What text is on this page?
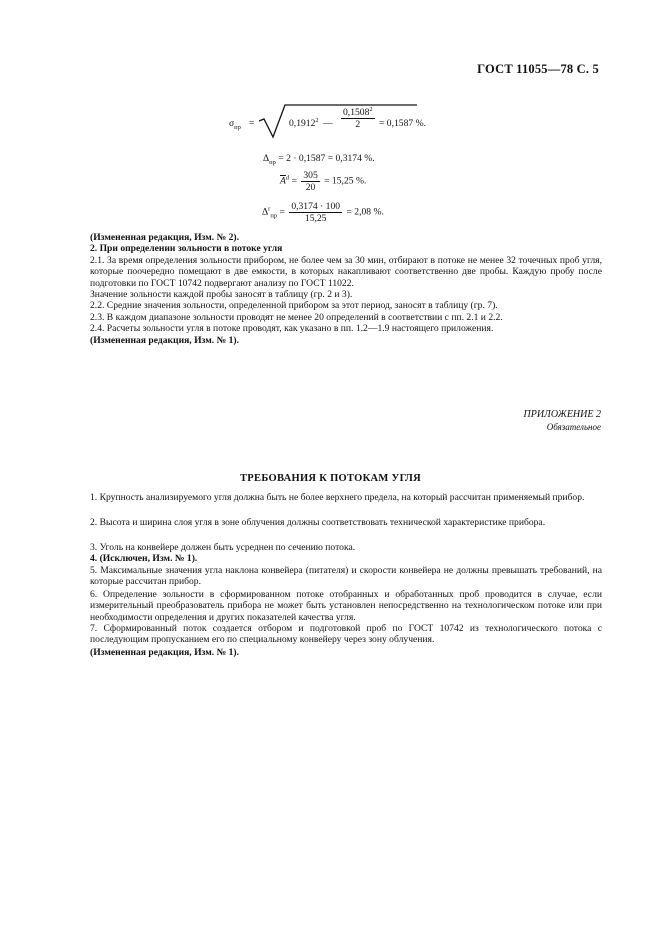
ГОСТ 11055—78 С. 5
$\sigma_{пр}$ =	$0,1912^2$ — $\frac{0,1508^2}{2} = 0,1587$ %.
$\Delta_{пр} = 2 \cdot 0,1587 = 0,3174$ %.
$\overline{A}^d = \frac{305}{20} = 15,25$ %.
$\Delta^r_{пр} = \frac{0,3174 \cdot 100}{15,25} = 2,08$ %.
(Измененная редакция, Изм. № 2).
2. При определении зольности в потоке угля
2.1. За время определения зольности прибором, не более чем за 30 мин, отбирают в потоке не менее 32 точечных проб угля, которые поочередно помещают в две емкости, в которых накапливают соответственно две пробы. Каждую пробу после подготовки по ГОСТ 10742 подвергают анализу по ГОСТ 11022.
Значение зольности каждой пробы заносят в таблицу (гр. 2 и 3).
2.2. Средние значения зольности, определенной прибором за этот период, заносят в таблицу (гр. 7).
2.3. В каждом диапазоне зольности проводят не менее 20 определений в соответствии с пп. 2.1 и 2.2.
2.4. Расчеты зольности угля в потоке проводят, как указано в пп. 1.2—1.9 настоящего приложения.
(Измененная редакция, Изм. № 1).
ПРИЛОЖЕНИЕ 2
Обязательное
ТРЕБОВАНИЯ К ПОТОКАМ УГЛЯ
1. Крупность анализируемого угля должна быть не более верхнего предела, на который рассчитан применяемый прибор.
2. Высота и ширина слоя угля в зоне облучения должны соответствовать технической характеристике прибора.
3. Уголь на конвейере должен быть усреднен по сечению потока.
4. (Исключен, Изм. № 1).
5. Максимальные значения угла наклона конвейера (питателя) и скорости конвейера не должны превышать требований, на которые рассчитан прибор.
6. Определение зольности в сформированном потоке отобранных и обработанных проб проводится в случае, если измерительный преобразователь прибора не может быть установлен непосредственно на технологическом потоке или при необходимости определения и других показателей качества угля.
7. Сформированный поток создается отбором и подготовкой проб по ГОСТ 10742 из технологического потока с последующим пропусканием его по специальному конвейеру через зону облучения.
(Измененная редакция, Изм. № 1).
